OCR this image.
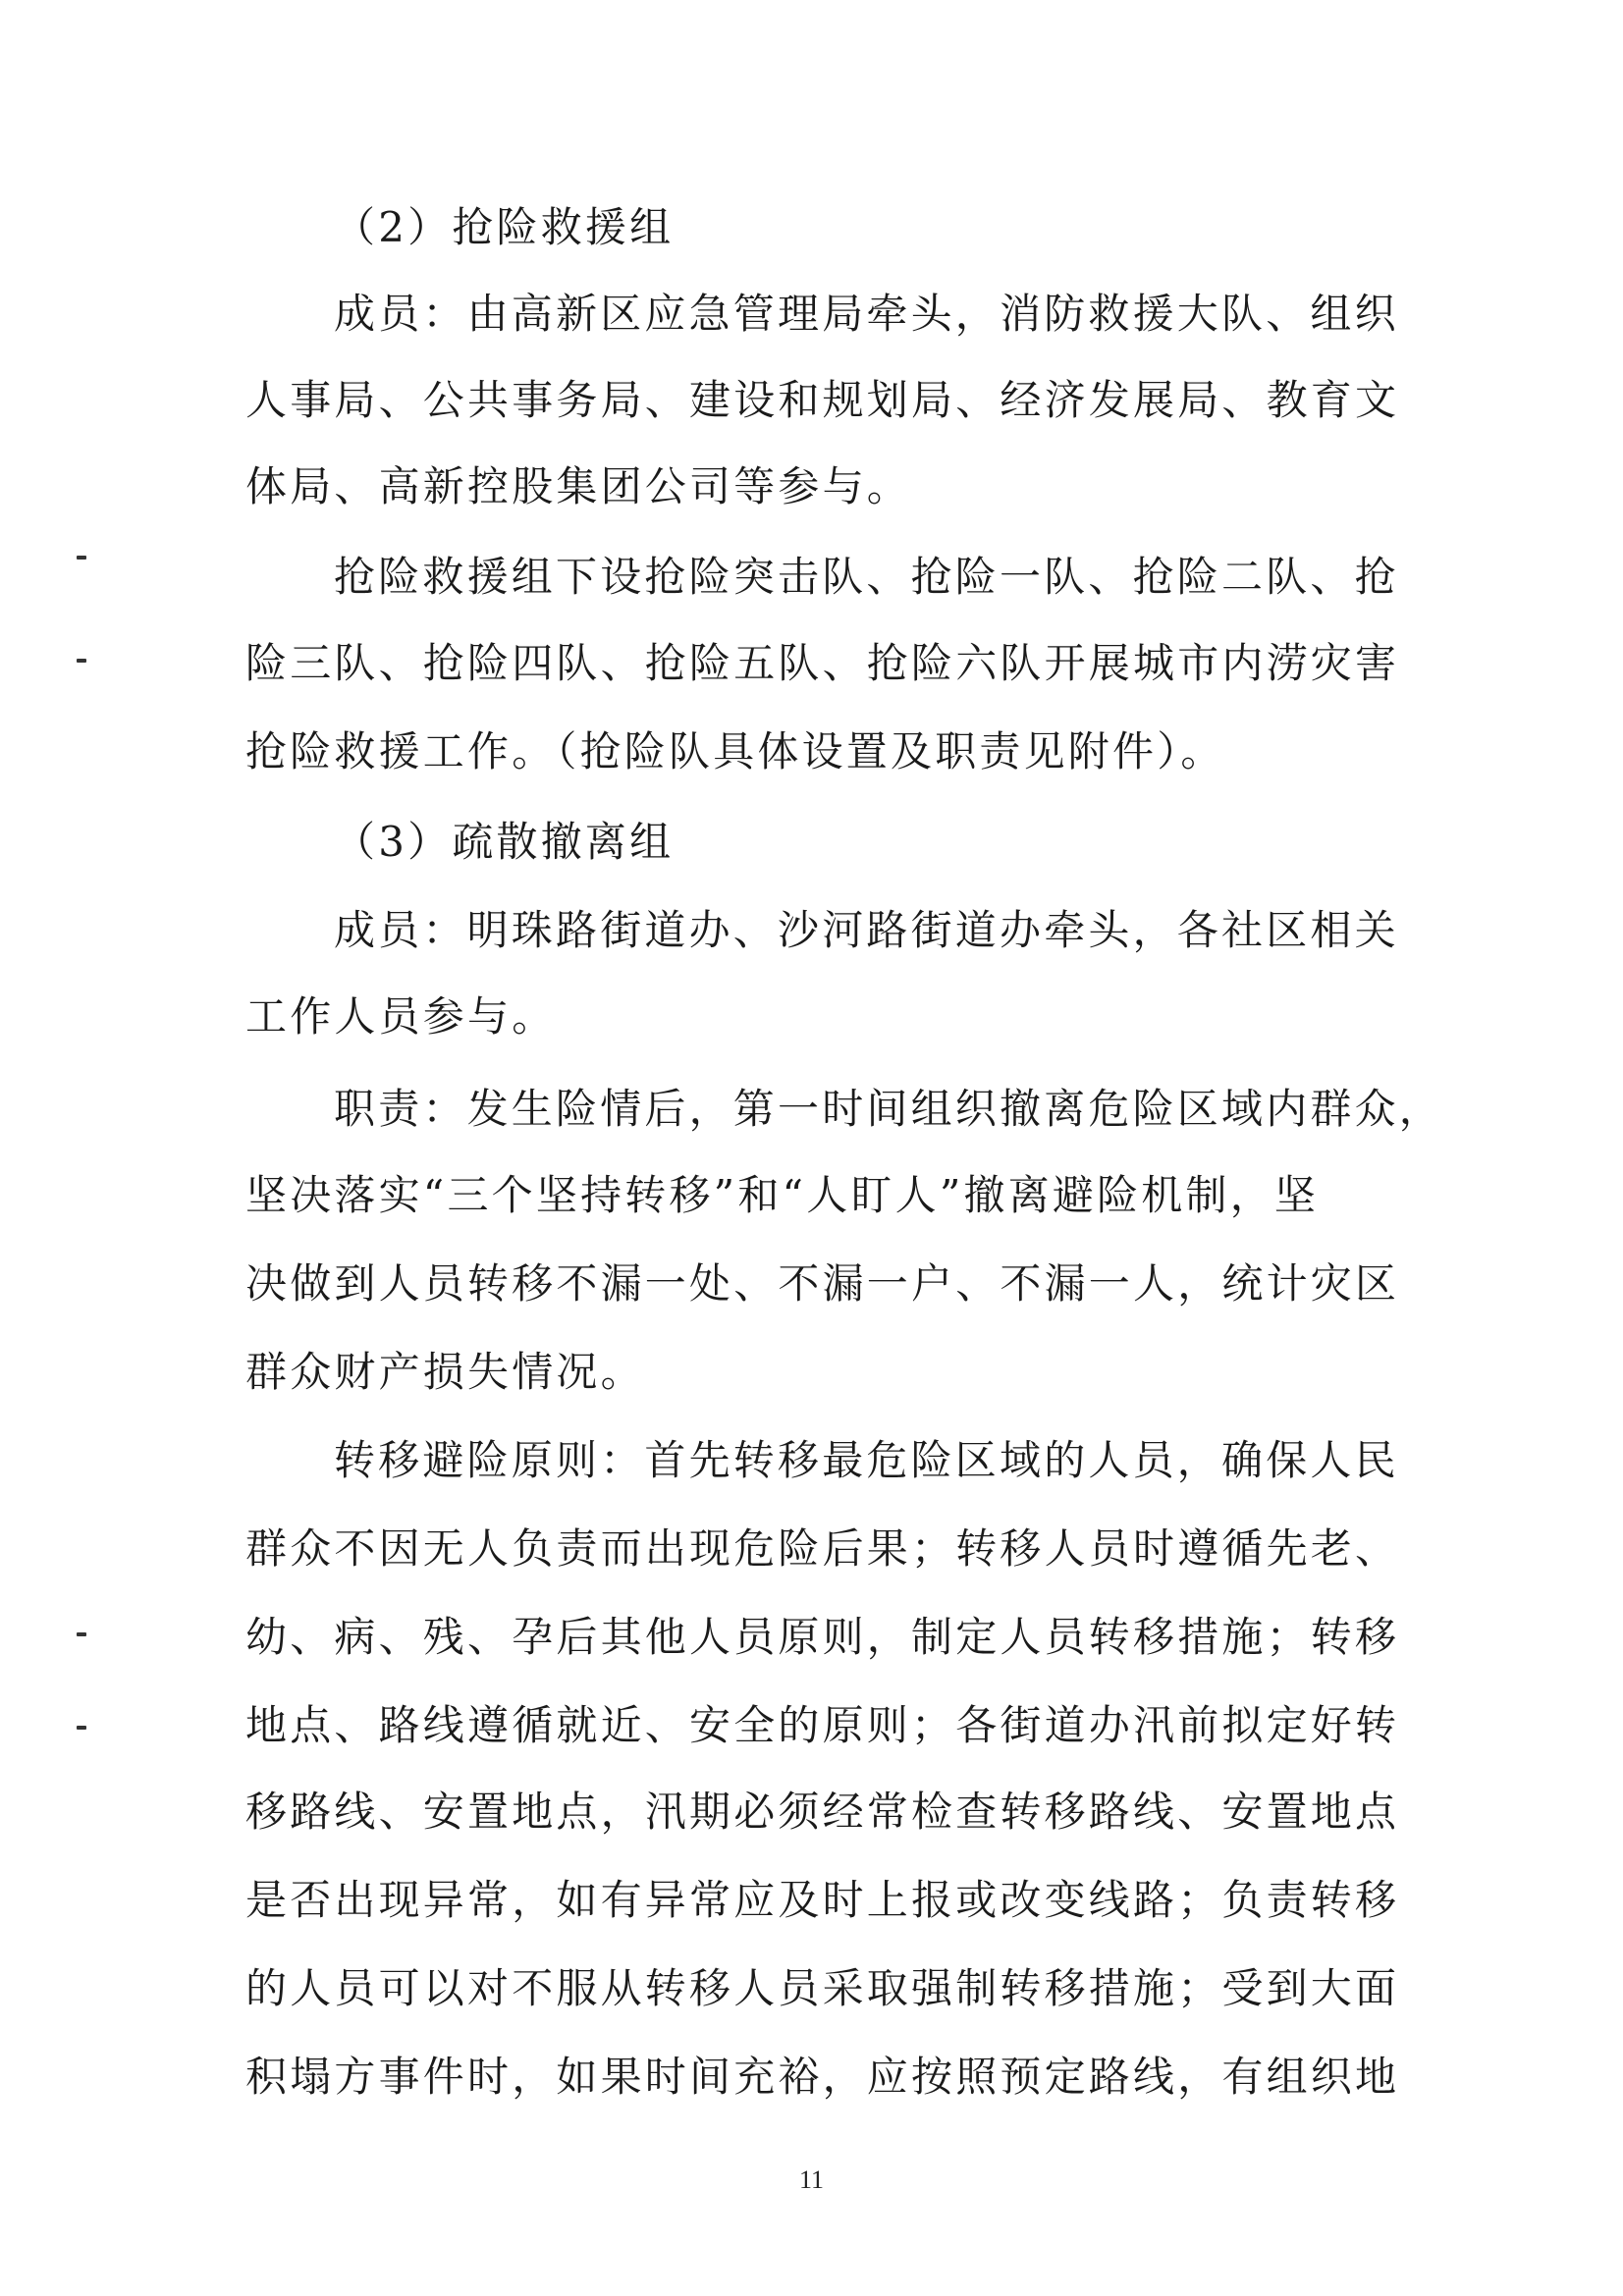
（2）抢险救援组
成员：由高新区应急管理局牵头，消防救援大队、组织
人事局、公共事务局、建设和规划局、经济发展局、教育文
体局、高新控股集团公司等参与。
抢险救援组下设抢险突击队、抢险一队、抢险二队、抢
险三队、抢险四队、抢险五队、抢险六队开展城市内涝灾害
抢险救援工作。（抢险队具体设置及职责见附件）。
（3）疏散撤离组
成员：明珠路街道办、沙河路街道办牵头，各社区相关
工作人员参与。
职责：发生险情后，第一时间组织撤离危险区域内群众，
坚决落实“三个坚持转移”和“人盯人”撤离避险机制，坚
决做到人员转移不漏一处、不漏一户、不漏一人，统计灾区
群众财产损失情况。
转移避险原则：首先转移最危险区域的人员，确保人民
群众不因无人负责而出现危险后果；转移人员时遵循先老、
幼、病、残、孕后其他人员原则，制定人员转移措施；转移
地点、路线遵循就近、安全的原则；各街道办汛前拟定好转
移路线、安置地点，汛期必须经常检查转移路线、安置地点
是否出现异常，如有异常应及时上报或改变线路；负责转移
的人员可以对不服从转移人员采取强制转移措施；受到大面
积塌方事件时，如果时间充裕，应按照预定路线，有组织地
11
